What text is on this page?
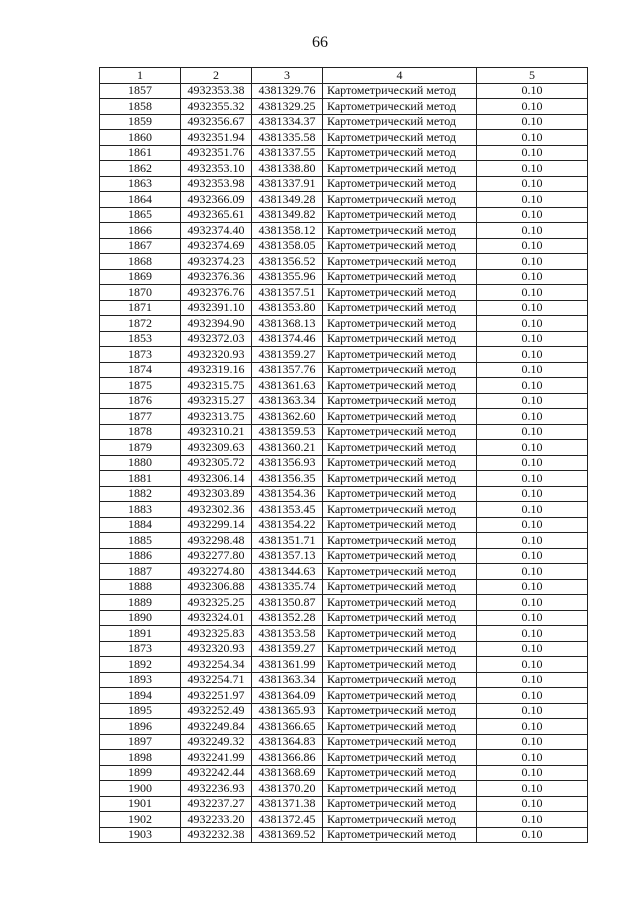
66
1	2	3	4	5
1857	4932353.38	4381329.76	Картометрический метод	0.10
1858	4932355.32	4381329.25	Картометрический метод	0.10
1859	4932356.67	4381334.37	Картометрический метод	0.10
1860	4932351.94	4381335.58	Картометрический метод	0.10
1861	4932351.76	4381337.55	Картометрический метод	0.10
1862	4932353.10	4381338.80	Картометрический метод	0.10
1863	4932353.98	4381337.91	Картометрический метод	0.10
1864	4932366.09	4381349.28	Картометрический метод	0.10
1865	4932365.61	4381349.82	Картометрический метод	0.10
1866	4932374.40	4381358.12	Картометрический метод	0.10
1867	4932374.69	4381358.05	Картометрический метод	0.10
1868	4932374.23	4381356.52	Картометрический метод	0.10
1869	4932376.36	4381355.96	Картометрический метод	0.10
1870	4932376.76	4381357.51	Картометрический метод	0.10
1871	4932391.10	4381353.80	Картометрический метод	0.10
1872	4932394.90	4381368.13	Картометрический метод	0.10
1853	4932372.03	4381374.46	Картометрический метод	0.10
1873	4932320.93	4381359.27	Картометрический метод	0.10
1874	4932319.16	4381357.76	Картометрический метод	0.10
1875	4932315.75	4381361.63	Картометрический метод	0.10
1876	4932315.27	4381363.34	Картометрический метод	0.10
1877	4932313.75	4381362.60	Картометрический метод	0.10
1878	4932310.21	4381359.53	Картометрический метод	0.10
1879	4932309.63	4381360.21	Картометрический метод	0.10
1880	4932305.72	4381356.93	Картометрический метод	0.10
1881	4932306.14	4381356.35	Картометрический метод	0.10
1882	4932303.89	4381354.36	Картометрический метод	0.10
1883	4932302.36	4381353.45	Картометрический метод	0.10
1884	4932299.14	4381354.22	Картометрический метод	0.10
1885	4932298.48	4381351.71	Картометрический метод	0.10
1886	4932277.80	4381357.13	Картометрический метод	0.10
1887	4932274.80	4381344.63	Картометрический метод	0.10
1888	4932306.88	4381335.74	Картометрический метод	0.10
1889	4932325.25	4381350.87	Картометрический метод	0.10
1890	4932324.01	4381352.28	Картометрический метод	0.10
1891	4932325.83	4381353.58	Картометрический метод	0.10
1873	4932320.93	4381359.27	Картометрический метод	0.10
1892	4932254.34	4381361.99	Картометрический метод	0.10
1893	4932254.71	4381363.34	Картометрический метод	0.10
1894	4932251.97	4381364.09	Картометрический метод	0.10
1895	4932252.49	4381365.93	Картометрический метод	0.10
1896	4932249.84	4381366.65	Картометрический метод	0.10
1897	4932249.32	4381364.83	Картометрический метод	0.10
1898	4932241.99	4381366.86	Картометрический метод	0.10
1899	4932242.44	4381368.69	Картометрический метод	0.10
1900	4932236.93	4381370.20	Картометрический метод	0.10
1901	4932237.27	4381371.38	Картометрический метод	0.10
1902	4932233.20	4381372.45	Картометрический метод	0.10
1903	4932232.38	4381369.52	Картометрический метод	0.10
